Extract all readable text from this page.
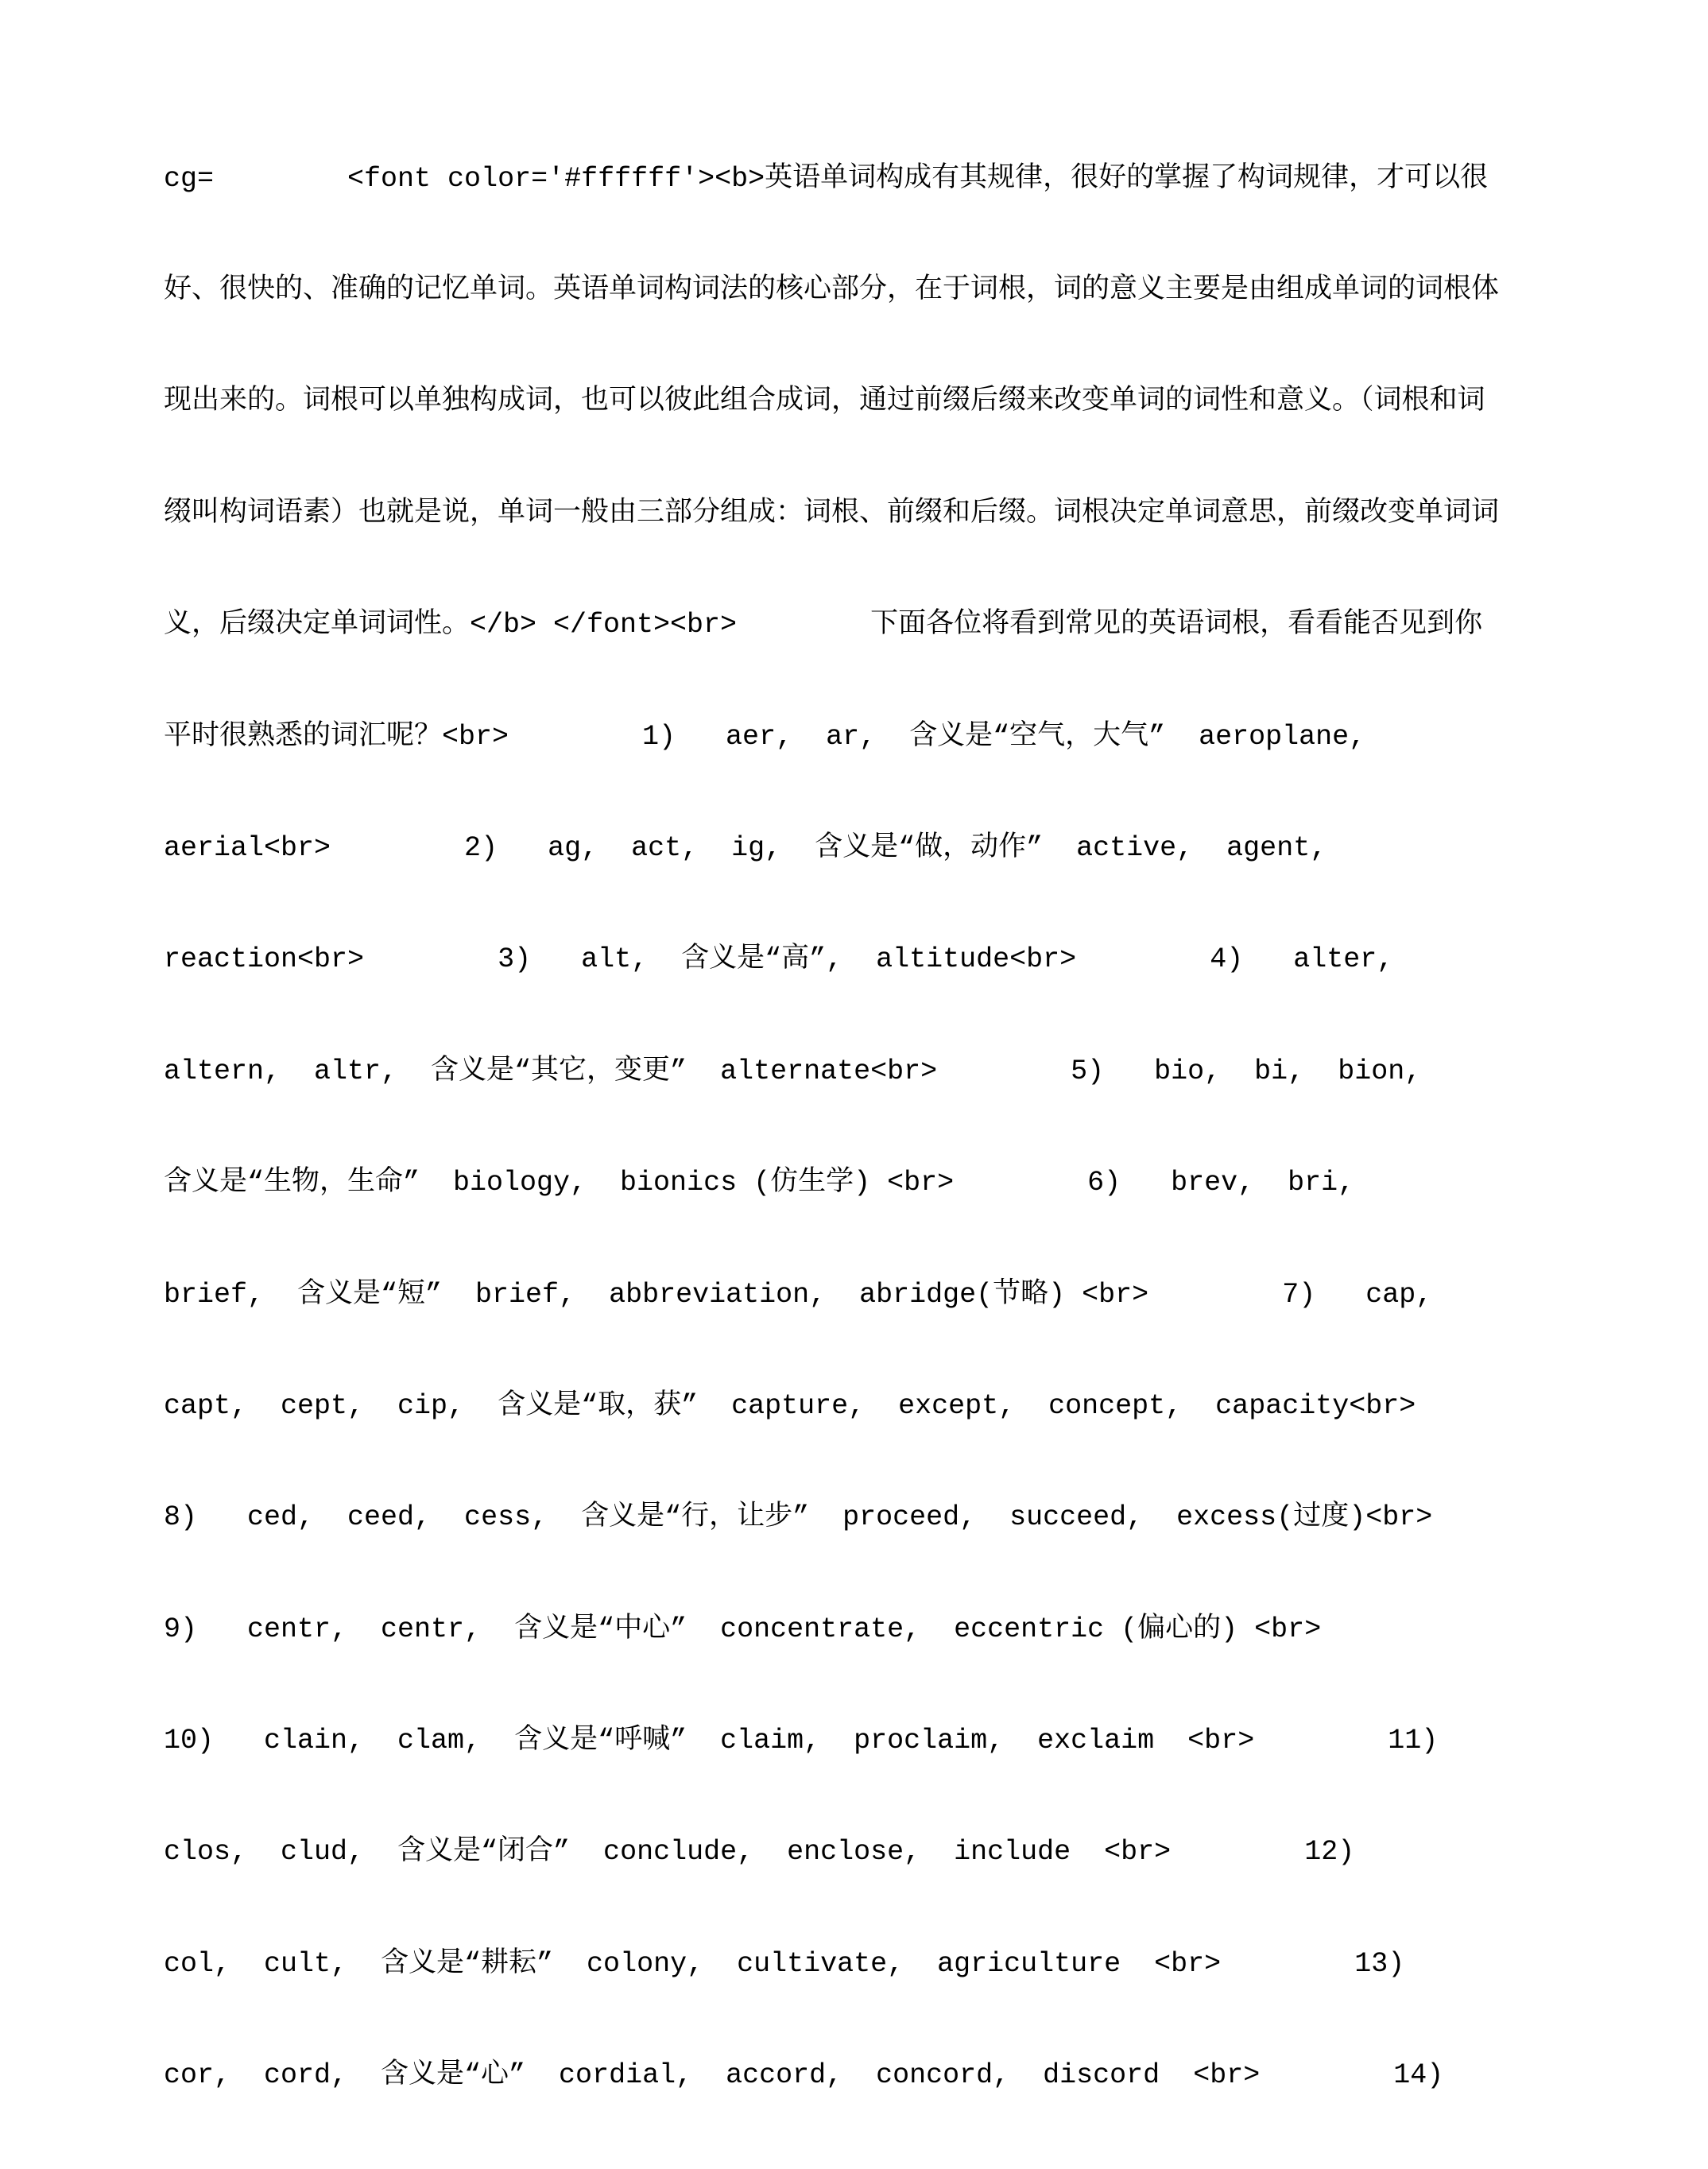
cg=        <font color='#ffffff'><b>英语单词构成有其规律，很好的掌握了构词规律，才可以很

好、很快的、准确的记忆单词。英语单词构词法的核心部分，在于词根，词的意义主要是由组成单词的词根体

现出来的。词根可以单独构成词，也可以彼此组合成词，通过前缀后缀来改变单词的词性和意义。（词根和词

缀叫构词语素）也就是说，单词一般由三部分组成：词根、前缀和后缀。词根决定单词意思，前缀改变单词词

义，后缀决定单词词性。</b> </font><br>        下面各位将看到常见的英语词根，看看能否见到你

平时很熟悉的词汇呢？<br>        1)   aer,  ar,  含义是“空气，大气”  aeroplane,

aerial<br>        2)   ag,  act,  ig,  含义是“做，动作”  active,  agent,

reaction<br>        3)   alt,  含义是“高”,  altitude<br>        4)   alter,

altern,  altr,  含义是“其它，变更”  alternate<br>        5)   bio,  bi,  bion,

含义是“生物，生命”  biology,  bionics (仿生学) <br>        6)   brev,  bri,

brief,  含义是“短”  brief,  abbreviation,  abridge(节略) <br>        7)   cap,

capt,  cept,  cip,  含义是“取，获”  capture,  except,  concept,  capacity<br>

8)   ced,  ceed,  cess,  含义是“行，让步”  proceed,  succeed,  excess(过度)<br>

9)   centr,  centr,  含义是“中心”  concentrate,  eccentric (偏心的) <br>

10)   clain,  clam,  含义是“呼喊”  claim,  proclaim,  exclaim  <br>        11)

clos,  clud,  含义是“闭合”  conclude,  enclose,  include  <br>        12)

col,  cult,  含义是“耕耘”  colony,  cultivate,  agriculture  <br>        13)

cor,  cord,  含义是“心”  cordial,  accord,  concord,  discord  <br>        14)
